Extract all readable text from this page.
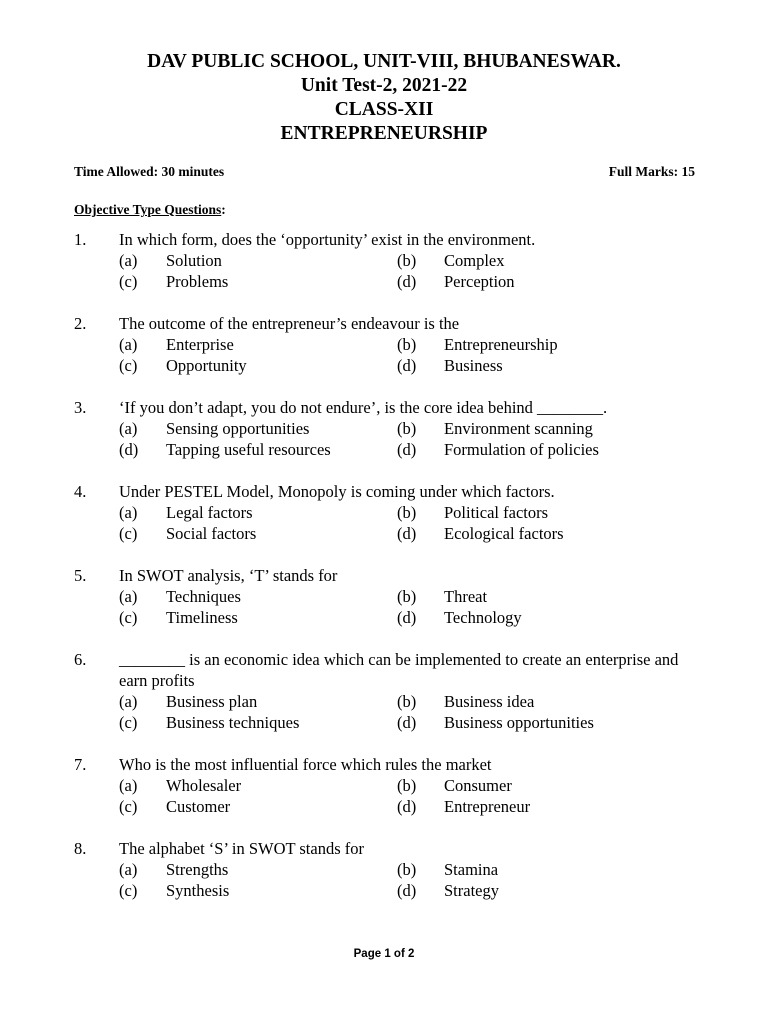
DAV PUBLIC SCHOOL, UNIT-VIII, BHUBANESWAR.
Unit Test-2, 2021-22
CLASS-XII
ENTREPRENEURSHIP
Time Allowed: 30 minutes	Full Marks: 15
Objective Type Questions:
1.	In which form, does the ‘opportunity’ exist in the environment.
(a)	Solution	(b)	Complex
(c)	Problems	(d)	Perception
2.	The outcome of the entrepreneur’s endeavour is the
(a)	Enterprise	(b)	Entrepreneurship
(c)	Opportunity	(d)	Business
3.	‘If you don’t adapt, you do not endure’, is the core idea behind ________.
(a)	Sensing opportunities	(b)	Environment scanning
(d)	Tapping useful resources	(d)	Formulation of policies
4.	Under PESTEL Model, Monopoly is coming under which factors.
(a)	Legal factors	(b)	Political factors
(c)	Social factors	(d)	Ecological factors
5.	In SWOT analysis, ‘T’ stands for
(a)	Techniques	(b)	Threat
(c)	Timeliness	(d)	Technology
6.	________ is an economic idea which can be implemented to create an enterprise and earn profits
(a)	Business plan	(b)	Business idea
(c)	Business techniques	(d)	Business opportunities
7.	Who is the most influential force which rules the market
(a)	Wholesaler	(b)	Consumer
(c)	Customer	(d)	Entrepreneur
8.	The alphabet ‘S’ in SWOT stands for
(a)	Strengths	(b)	Stamina
(c)	Synthesis	(d)	Strategy
Page 1 of 2
